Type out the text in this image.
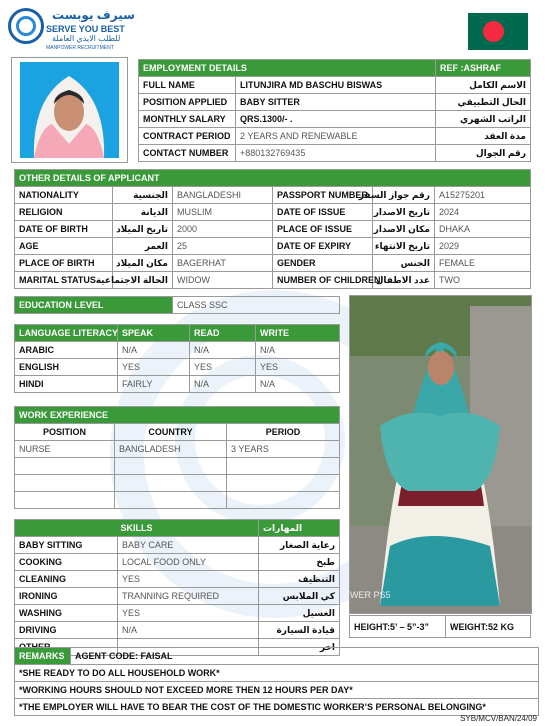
سيرف يوبست
SERVE YOU BEST
للطلب الايدي العاملة
MANPOWER RECRUITMENT
EMPLOYMENT DETAILS		REF :ASHRAF
FULL NAME	LITUNJIRA MD BASCHU BISWAS	الاسم الكامل
POSITION APPLIED	BABY SITTER	الحال التطبيقي
MONTHLY SALARY	QRS.1300/- .	الراتب الشهري
CONTRACT PERIOD	2 YEARS AND RENEWABLE	مدة العقد
CONTACT NUMBER	+880132769435	رقم الجوال
OTHER DETAILS OF APPLICANT					
NATIONALITY	الجنسية	BANGLADESHI	PASSPORT NUMBER	رقم جواز السفر	A15275201
RELIGION	الديانة	MUSLIM	DATE OF ISSUE	تاريخ الاصدار	2024
DATE OF BIRTH	تاريخ الميلاد	2000	PLACE OF ISSUE	مكان الاصدار	DHAKA
AGE	العمر	25	DATE OF EXPIRY	تاريخ الانتهاء	2029
PLACE OF BIRTH	مكان الميلاد	BAGERHAT	GENDER	الجنس	FEMALE
MARITAL STATUS	الحالة الاجتماعية	WIDOW	NUMBER OF CHILDREN	عدد الاطفال	TWO
EDUCATION LEVEL	CLASS SSC
LANGUAGE LITERACY	SPEAK	READ	WRITE
ARABIC	N/A	N/A	N/A
ENGLISH	YES	YES	YES
HINDI	FAIRLY	N/A	N/A
WORK EXPERIENCE		
POSITION	COUNTRY	PERIOD
NURSE	BANGLADESH	3 YEARS

SKILLS		المهارات
BABY SITTING	BABY CARE	رعاية الصغار
COOKING	LOCAL FOOD ONLY	طبخ
CLEANING	YES	التنظيف
IRONING	TRANNING REQUIRED	كي الملابس
WASHING	YES	الغسيل
DRIVING	N/A	قيادة السيارة
		اخر
WER PS5
HEIGHT:5’ – 5”-3”	WEIGHT:52 KG
REMARKS	AGENT CODE: FAISAL
*SHE READY TO DO ALL HOUSEHOLD WORK*
*WORKING HOURS SHOULD NOT EXCEED MORE THEN 12 HOURS PER DAY*
*THE EMPLOYER WILL HAVE TO BEAR THE COST OF THE DOMESTIC WORKER’S PERSONAL BELONGING*
SYB/MCV/BAN/24/09
